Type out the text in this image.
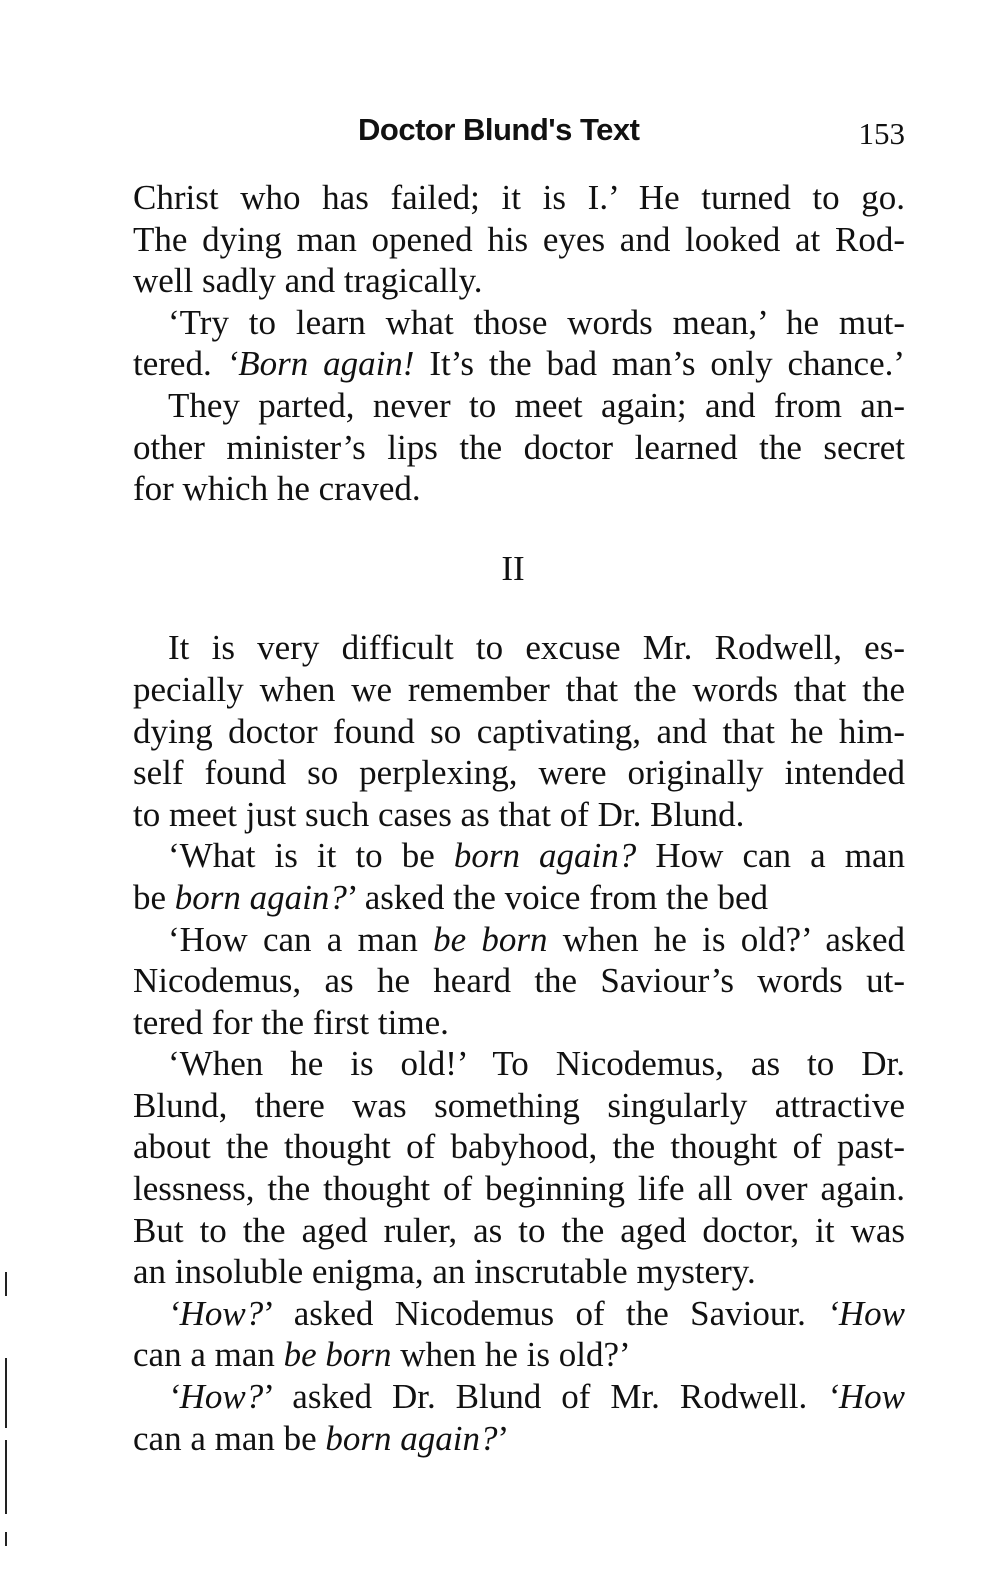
Doctor Blund's Text	153
Christ who has failed; it is I.’ He turned to go.
The dying man opened his eyes and looked at Rod-
well sadly and tragically.
 ‘Try to learn what those words mean,’ he mut-
tered. ‘Born again! It’s the bad man’s only chance.’
 They parted, never to meet again; and from an-
other minister’s lips the doctor learned the secret
for which he craved.
II
 It is very difficult to excuse Mr. Rodwell, es-
pecially when we remember that the words that the
dying doctor found so captivating, and that he him-
self found so perplexing, were originally intended
to meet just such cases as that of Dr. Blund.
 ‘What is it to be born again? How can a man
be born again?’ asked the voice from the bed
 ‘How can a man be born when he is old?’ asked
Nicodemus, as he heard the Saviour’s words ut-
tered for the first time.
 ‘When he is old!’ To Nicodemus, as to Dr.
Blund, there was something singularly attractive
about the thought of babyhood, the thought of past-
lessness, the thought of beginning life all over again.
But to the aged ruler, as to the aged doctor, it was
an insoluble enigma, an inscrutable mystery.
 ‘How?’ asked Nicodemus of the Saviour. ‘How
can a man be born when he is old?’
 ‘How?’ asked Dr. Blund of Mr. Rodwell. ‘How
can a man be born again?’
